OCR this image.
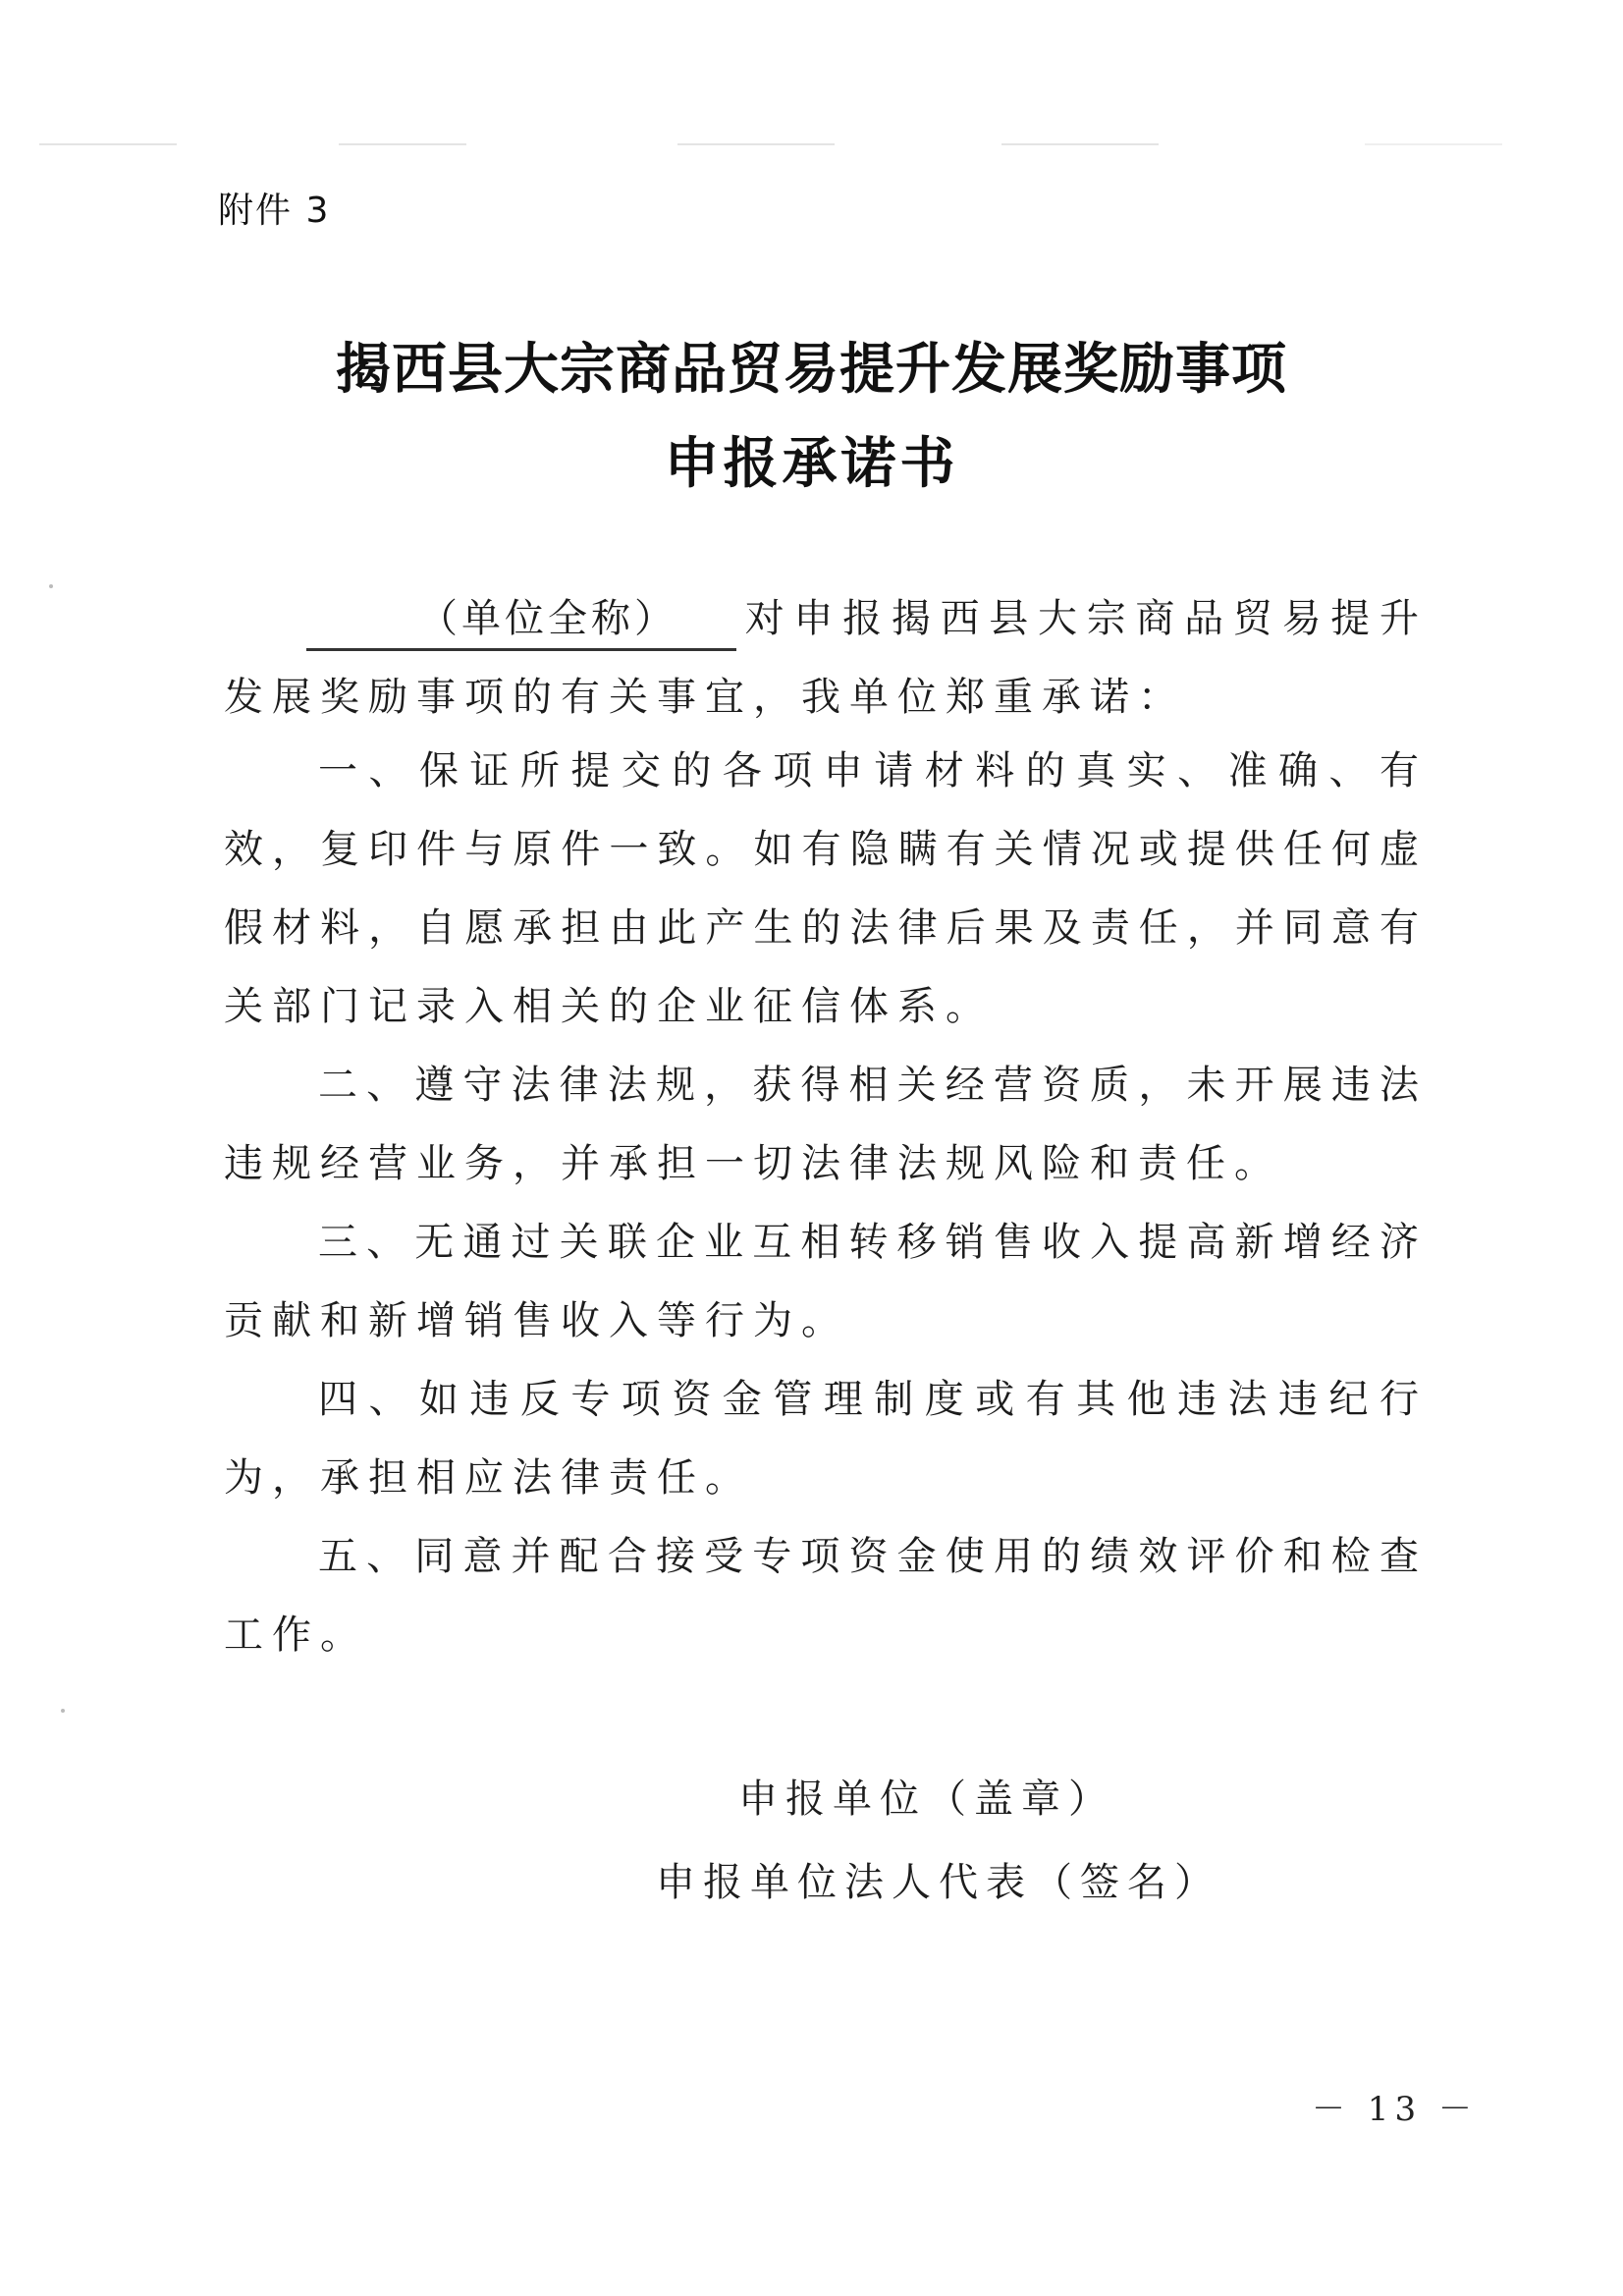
附件 3
揭西县大宗商品贸易提升发展奖励事项
申报承诺书

（单位全称） 对申报揭西县大宗商品贸易提升发展奖励事项的有关事宜，我单位郑重承诺：

一、保证所提交的各项申请材料的真实、准确、有效，复印件与原件一致。如有隐瞒有关情况或提供任何虚假材料，自愿承担由此产生的法律后果及责任，并同意有关部门记录入相关的企业征信体系。

二、遵守法律法规，获得相关经营资质，未开展违法违规经营业务，并承担一切法律法规风险和责任。

三、无通过关联企业互相转移销售收入提高新增经济贡献和新增销售收入等行为。

四、如违反专项资金管理制度或有其他违法违纪行为，承担相应法律责任。

五、同意并配合接受专项资金使用的绩效评价和检查工作。

申报单位（盖章）
申报单位法人代表（签名）
－ 13 －
